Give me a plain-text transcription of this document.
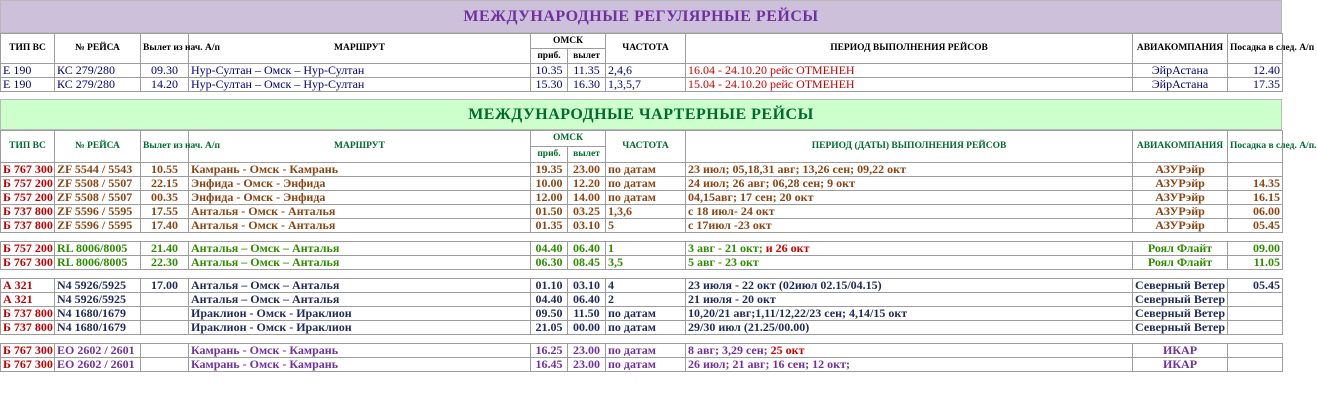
МЕЖДУНАРОДНЫЕ РЕГУЛЯРНЫЕ РЕЙСЫ
ТИП ВС	№ РЕЙСА	Вылет из нач. А/п	МАРШРУТ	ОМСК		ЧАСТОТА	ПЕРИОД ВЫПОЛНЕНИЯ РЕЙСОВ	АВИАКОМПАНИЯ	Посадка в след. А/п
				приб.	вылет				
Е 190	КС 279/280	09.30	Нур-Султан – Омск – Нур-Султан	10.35	11.35	2,4,6	16.04 - 24.10.20 рейс ОТМЕНЕН	ЭйрАстана	12.40
Е 190	КС 279/280	14.20	Нур-Султан – Омск – Нур-Султан	15.30	16.30	1,3,5,7	15.04 - 24.10.20 рейс ОТМЕНЕН	ЭйрАстана	17.35
МЕЖДУНАРОДНЫЕ ЧАРТЕРНЫЕ РЕЙСЫ
ТИП ВС	№ РЕЙСА	Вылет из нач. А/п	МАРШРУТ	ОМСК		ЧАСТОТА	ПЕРИОД (ДАТЫ) ВЫПОЛНЕНИЯ РЕЙСОВ	АВИАКОМПАНИЯ	Посадка в след. А/п.
				приб.	вылет				
Б 767 300	ZF 5544 / 5543	10.55	Камрань - Омск - Камрань	19.35	23.00	по датам	23 июл; 05,18,31 авг; 13,26 сен; 09,22 окт	АЗУРэйр	
Б 757 200	ZF 5508 / 5507	22.15	Энфида - Омск - Энфида	10.00	12.20	по датам	24 июл; 26 авг; 06,28 сен; 9 окт	АЗУРэйр	14.35
Б 757 200	ZF 5508 / 5507	00.35	Энфида - Омск - Энфида	12.00	14.00	по датам	04,15авг; 17 сен; 20 окт	АЗУРэйр	16.15
Б 737 800	ZF 5596 / 5595	17.55	Анталья - Омск - Анталья	01.50	03.25	1,3,6	с 18 июл- 24 окт	АЗУРэйр	06.00
Б 737 800	ZF 5596 / 5595	17.40	Анталья - Омск - Анталья	01.35	03.10	5	с 17июл -23 окт	АЗУРэйр	05.45

Б 757 200	RL 8006/8005	21.40	Анталья – Омск – Анталья	04.40	06.40	1	3 авг - 21 окт; и 26 окт	Роял Флайт	09.00
Б 767 300	RL 8006/8005	22.30	Анталья – Омск – Анталья	06.30	08.45	3,5	5 авг - 23 окт	Роял Флайт	11.05

А 321	N4 5926/5925	17.00	Анталья – Омск – Анталья	01.10	03.10	4	23 июля - 22 окт (02июл 02.15/04.15)	Северный Ветер	05.45
А 321	N4 5926/5925		Анталья – Омск – Анталья	04.40	06.40	2	21 июля - 20 окт	Северный Ветер	
Б 737 800	N4 1680/1679		Ираклион - Омск - Ираклион	09.50	11.50	по датам	10,20/21 авг;1,11/12,22/23 сен; 4,14/15 окт	Северный Ветер	
Б 737 800	N4 1680/1679		Ираклион - Омск - Ираклион	21.05	00.00	по датам	29/30 июл (21.25/00.00)	Северный Ветер	

Б 767 300	ЕО 2602 / 2601		Камрань - Омск - Камрань	16.25	23.00	по датам	8 авг; 3,29 сен; 25 окт	ИКАР	
Б 767 300	ЕО 2602 / 2601		Камрань - Омск - Камрань	16.45	23.00	по датам	26 июл; 21 авг; 16 сен; 12 окт;	ИКАР	
